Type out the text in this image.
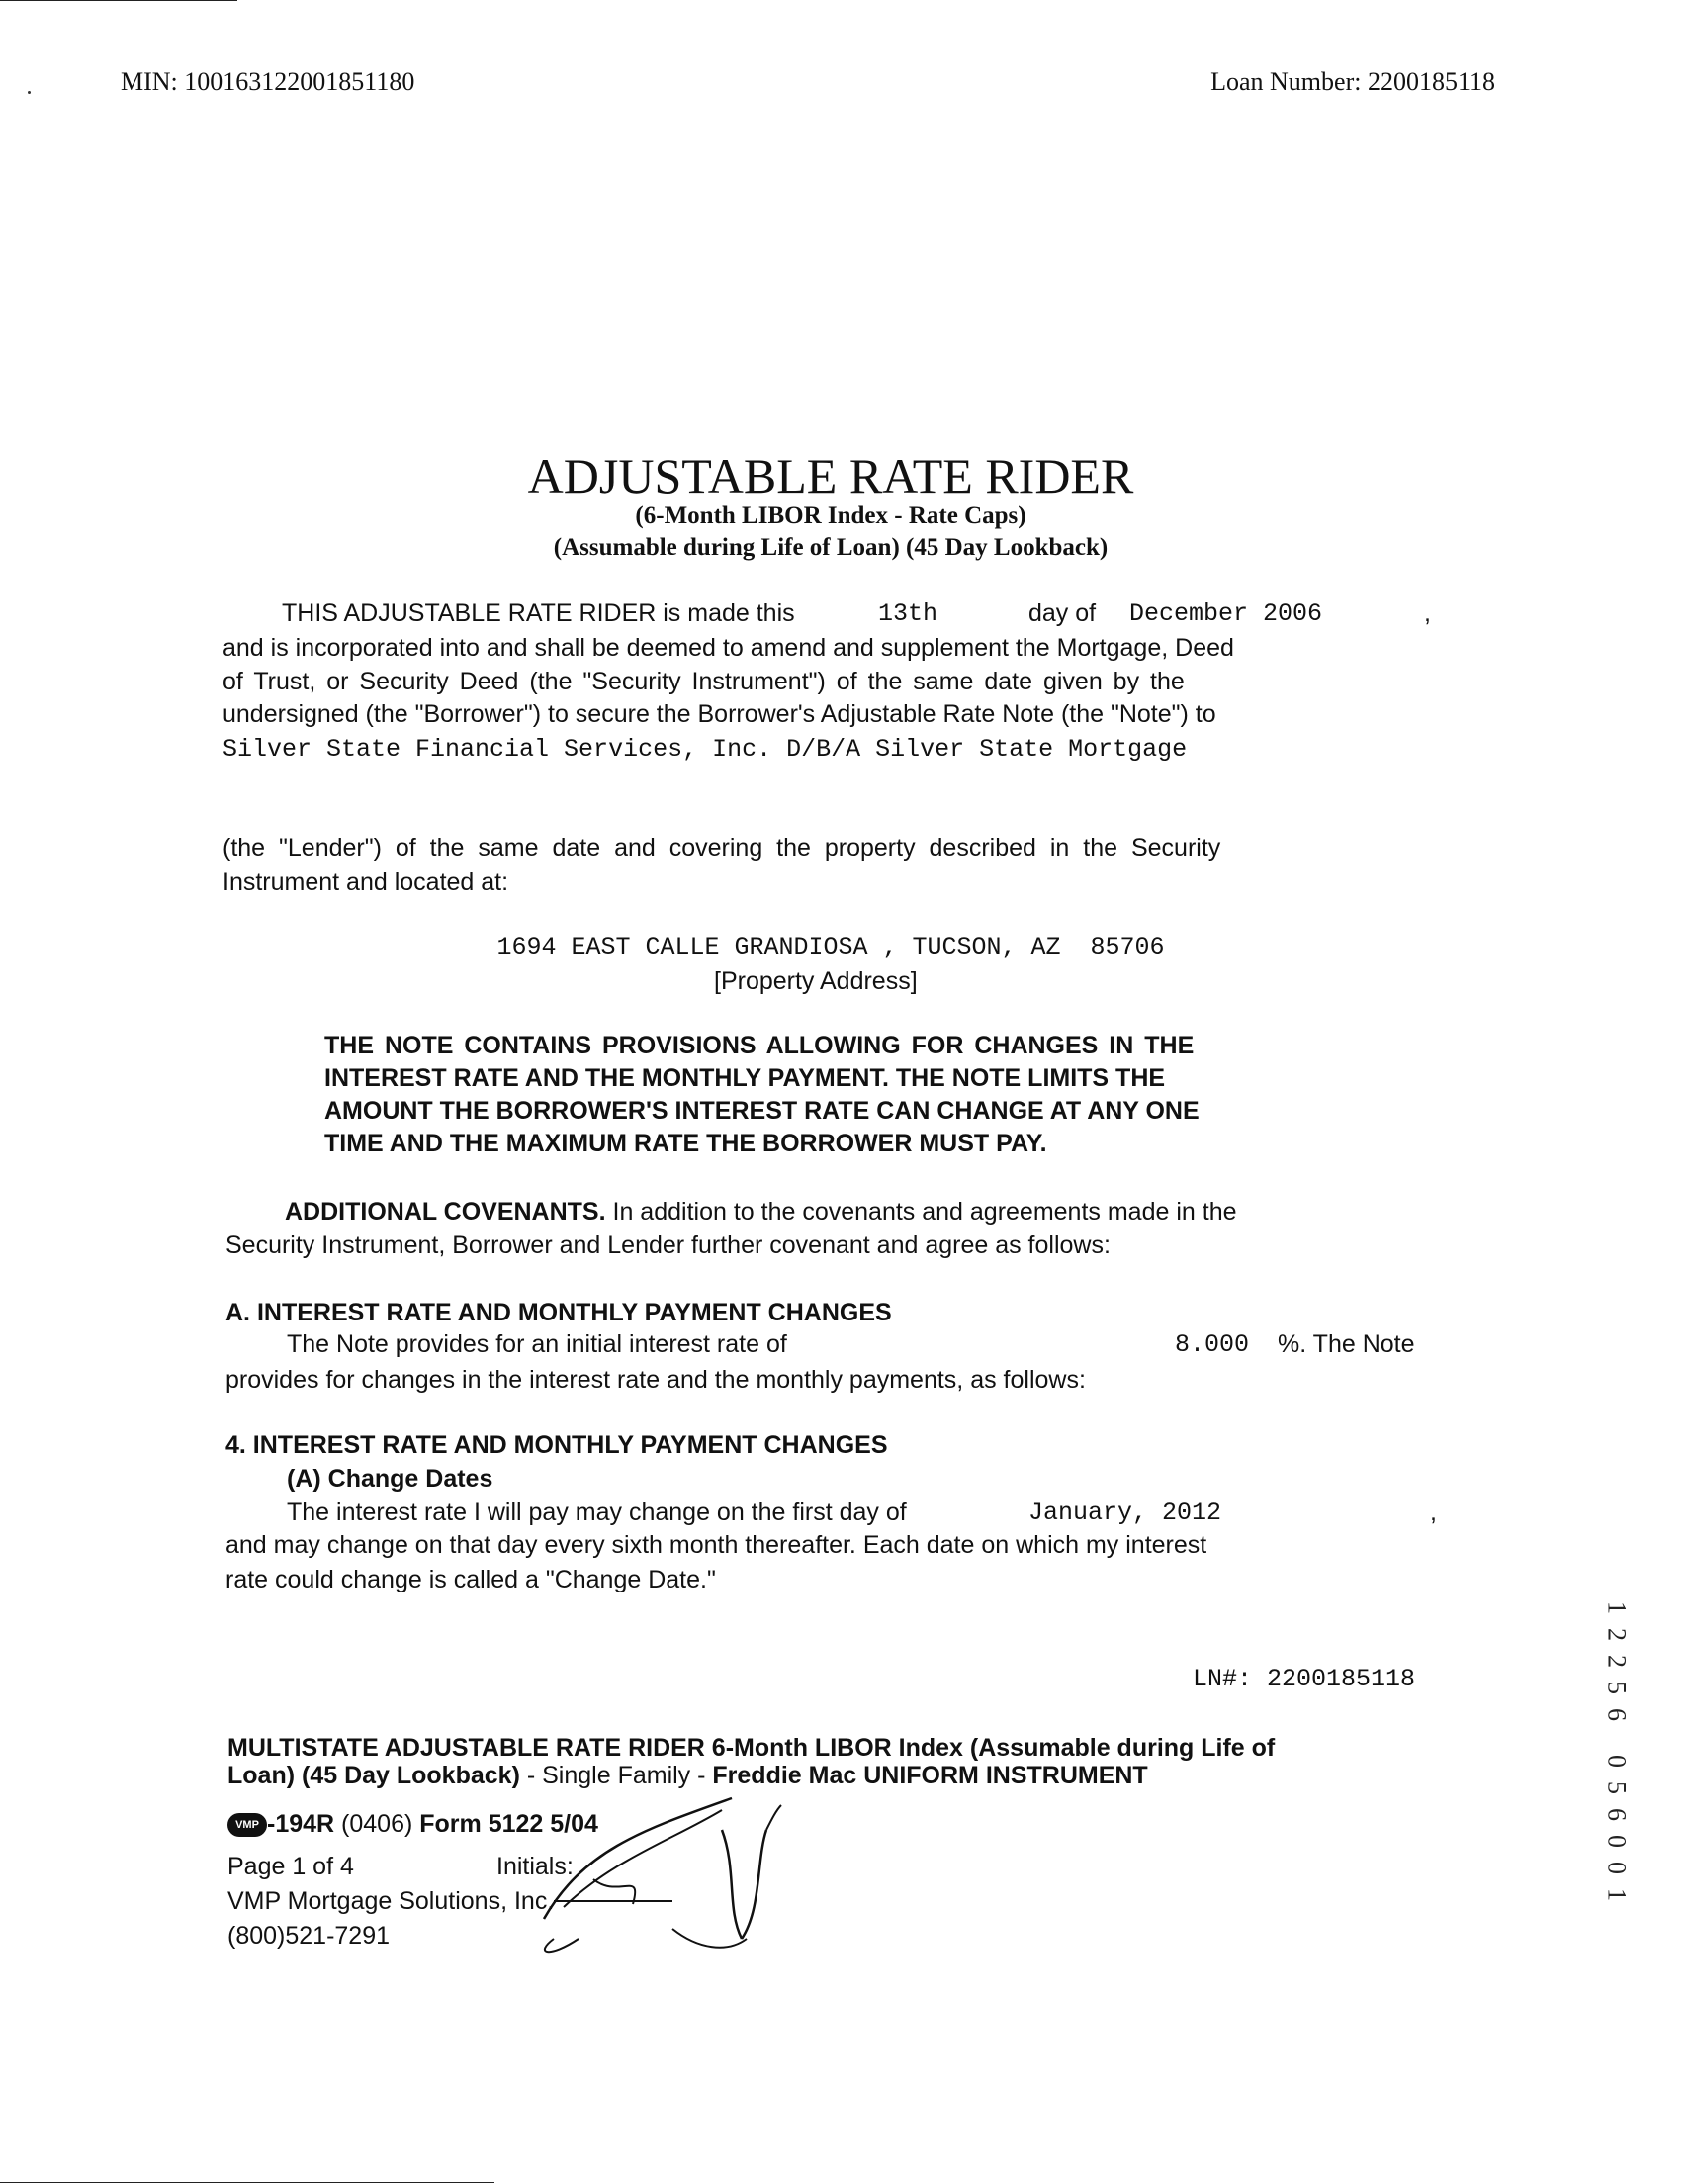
MIN: 100163122001851180	Loan Number: 2200185118
ADJUSTABLE RATE RIDER
(6-Month LIBOR Index - Rate Caps)
(Assumable during Life of Loan) (45 Day Lookback)
THIS ADJUSTABLE RATE RIDER is made this	13th	day of December 2006	,
and is incorporated into and shall be deemed to amend and supplement the Mortgage, Deed
of Trust, or Security Deed (the "Security Instrument") of the same date given by the
undersigned (the "Borrower") to secure the Borrower's Adjustable Rate Note (the "Note") to
Silver State Financial Services, Inc. D/B/A Silver State Mortgage
(the "Lender") of the same date and covering the property described in the Security
Instrument and located at:
1694 EAST CALLE GRANDIOSA , TUCSON, AZ  85706
[Property Address]
THE NOTE CONTAINS PROVISIONS ALLOWING FOR CHANGES IN THE
INTEREST RATE AND THE MONTHLY PAYMENT. THE NOTE LIMITS THE
AMOUNT THE BORROWER'S INTEREST RATE CAN CHANGE AT ANY ONE
TIME AND THE MAXIMUM RATE THE BORROWER MUST PAY.
ADDITIONAL COVENANTS. In addition to the covenants and agreements made in the
Security Instrument, Borrower and Lender further covenant and agree as follows:
A. INTEREST RATE AND MONTHLY PAYMENT CHANGES
The Note provides for an initial interest rate of	8.000 %. The Note
provides for changes in the interest rate and the monthly payments, as follows:
4. INTEREST RATE AND MONTHLY PAYMENT CHANGES
(A) Change Dates
The interest rate I will pay may change on the first day of	January, 2012	,
and may change on that day every sixth month thereafter. Each date on which my interest
rate could change is called a "Change Date."
LN#: 2200185118
MULTISTATE ADJUSTABLE RATE RIDER 6-Month LIBOR Index (Assumable during Life of
Loan) (45 Day Lookback) - Single Family - Freddie Mac UNIFORM INSTRUMENT
VMP -194R (0406) Form 5122 5/04
Page 1 of 4	Initials:
VMP Mortgage Solutions, Inc.
(800)521-7291
1
2
2
5
6
0
5
6
0
0
1
